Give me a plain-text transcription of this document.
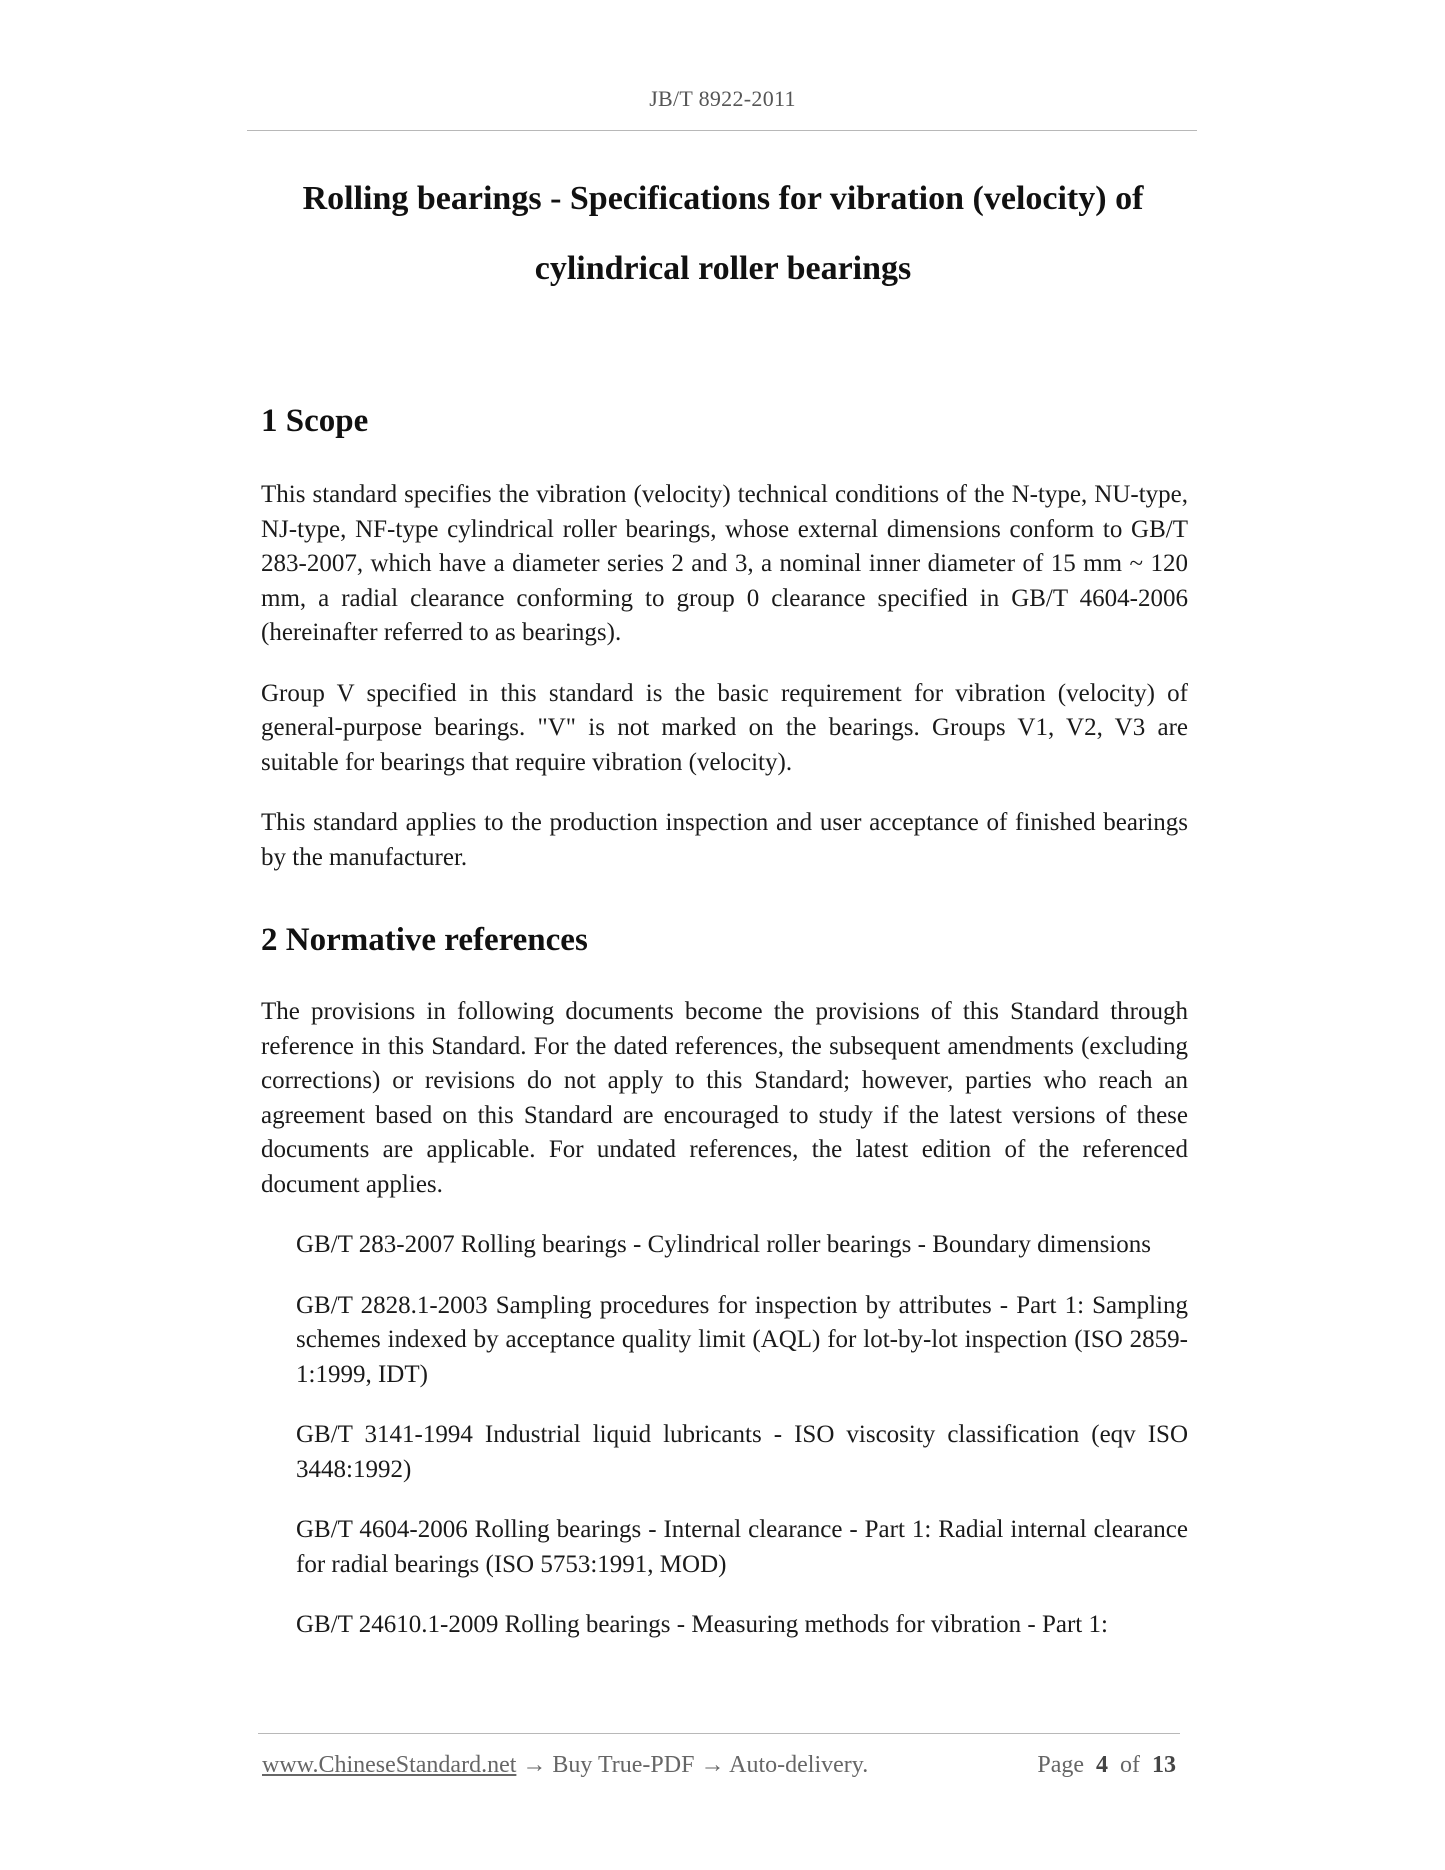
JB/T 8922-2011
Rolling bearings - Specifications for vibration (velocity) of
cylindrical roller bearings
1 Scope

This standard specifies the vibration (velocity) technical conditions of the N-type, NU-type, NJ-type, NF-type cylindrical roller bearings, whose external dimensions conform to GB/T 283-2007, which have a diameter series 2 and 3, a nominal inner diameter of 15 mm ~ 120 mm, a radial clearance conforming to group 0 clearance specified in GB/T 4604-2006 (hereinafter referred to as bearings).

Group V specified in this standard is the basic requirement for vibration (velocity) of general-purpose bearings. "V" is not marked on the bearings. Groups V1, V2, V3 are suitable for bearings that require vibration (velocity).

This standard applies to the production inspection and user acceptance of finished bearings by the manufacturer.

2 Normative references

The provisions in following documents become the provisions of this Standard through reference in this Standard. For the dated references, the subsequent amendments (excluding corrections) or revisions do not apply to this Standard; however, parties who reach an agreement based on this Standard are encouraged to study if the latest versions of these documents are applicable. For undated references, the latest edition of the referenced document applies.

GB/T 283-2007 Rolling bearings - Cylindrical roller bearings - Boundary dimensions

GB/T 2828.1-2003 Sampling procedures for inspection by attributes - Part 1: Sampling schemes indexed by acceptance quality limit (AQL) for lot-by-lot inspection (ISO 2859-1:1999, IDT)

GB/T 3141-1994 Industrial liquid lubricants - ISO viscosity classification (eqv ISO 3448:1992)

GB/T 4604-2006 Rolling bearings - Internal clearance - Part 1: Radial internal clearance for radial bearings (ISO 5753:1991, MOD)

GB/T 24610.1-2009 Rolling bearings - Measuring methods for vibration - Part 1:

www.ChineseStandard.net → Buy True-PDF → Auto-delivery.	Page 4 of 13
